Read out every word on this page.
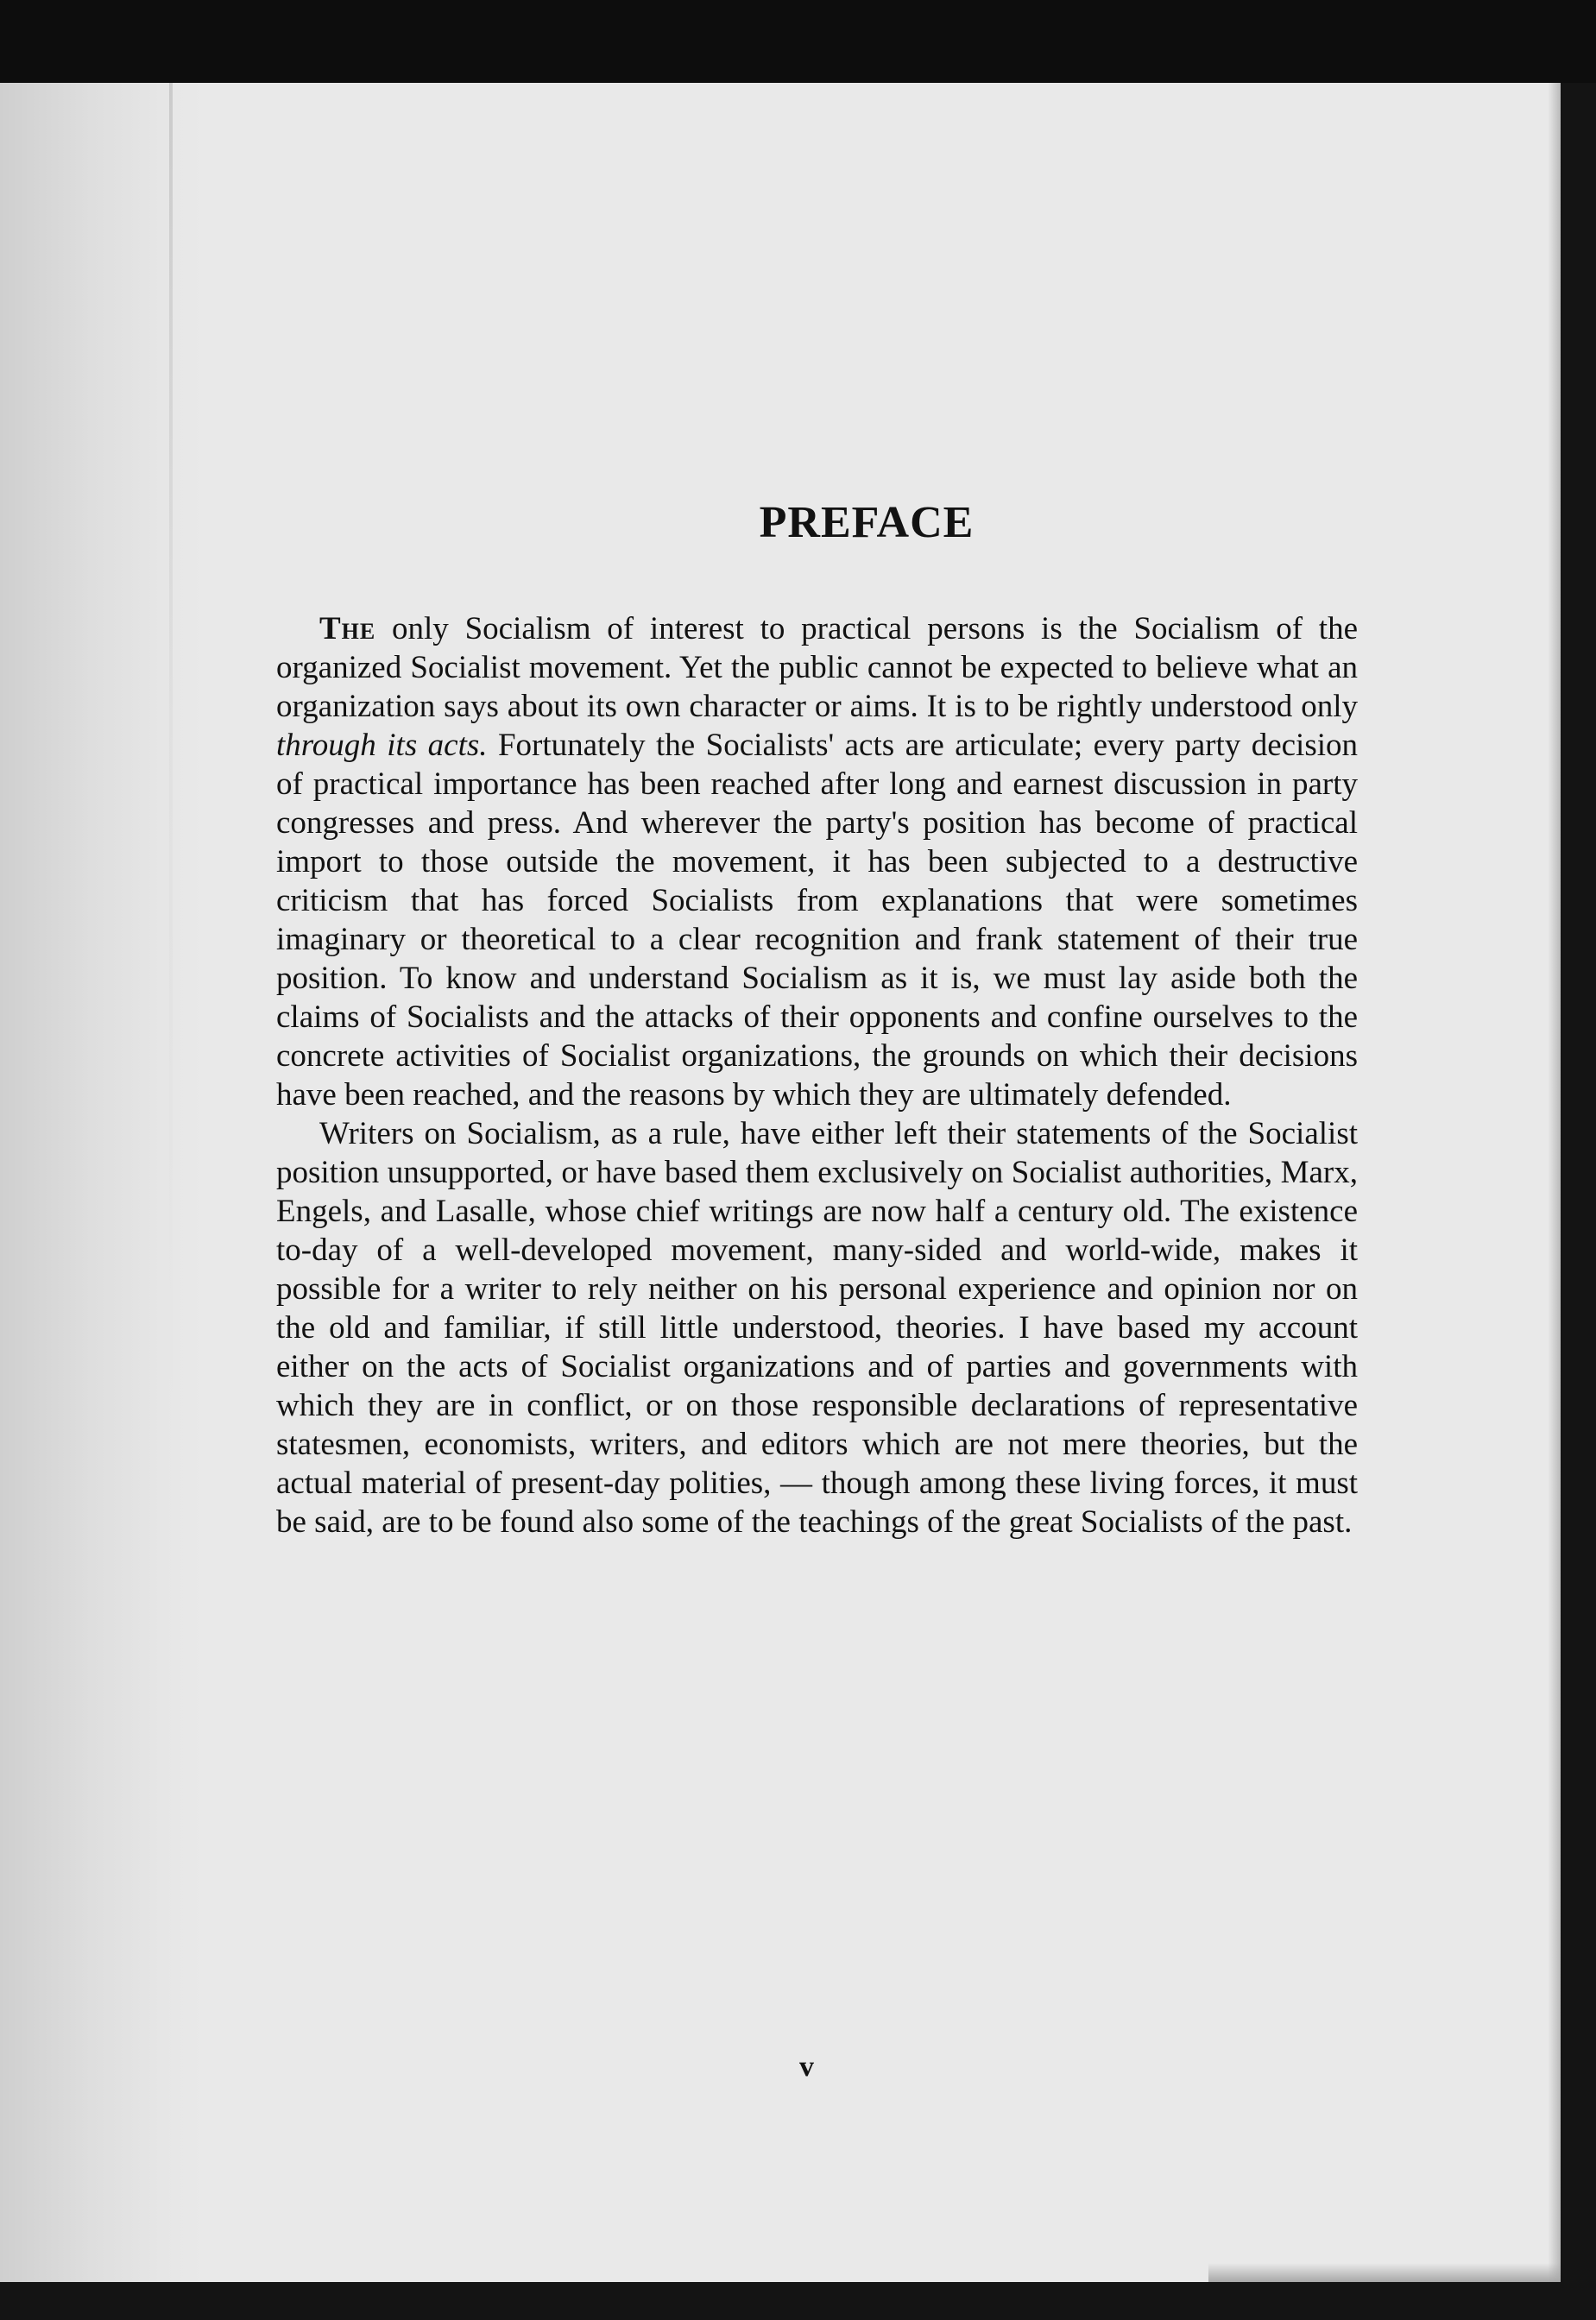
PREFACE

The only Socialism of interest to practical persons is the Socialism of the organized Socialist movement. Yet the public cannot be expected to believe what an organization says about its own character or aims. It is to be rightly understood only through its acts. Fortunately the Socialists' acts are articulate; every party decision of practical importance has been reached after long and earnest discussion in party congresses and press. And wherever the party's position has become of practical import to those outside the movement, it has been subjected to a destructive criticism that has forced Socialists from explanations that were sometimes imaginary or theoretical to a clear recognition and frank statement of their true position. To know and understand Socialism as it is, we must lay aside both the claims of Socialists and the attacks of their opponents and confine ourselves to the concrete activities of Socialist organizations, the grounds on which their decisions have been reached, and the reasons by which they are ultimately defended.

Writers on Socialism, as a rule, have either left their statements of the Socialist position unsupported, or have based them exclusively on Socialist authorities, Marx, Engels, and Lasalle, whose chief writings are now half a century old. The existence to-day of a well-developed movement, many-sided and world-wide, makes it possible for a writer to rely neither on his personal experience and opinion nor on the old and familiar, if still little understood, theories. I have based my account either on the acts of Socialist organizations and of parties and governments with which they are in conflict, or on those responsible declarations of representative statesmen, economists, writers, and editors which are not mere theories, but the actual material of present-day polities, — though among these living forces, it must be said, are to be found also some of the teachings of the great Socialists of the past.

v
